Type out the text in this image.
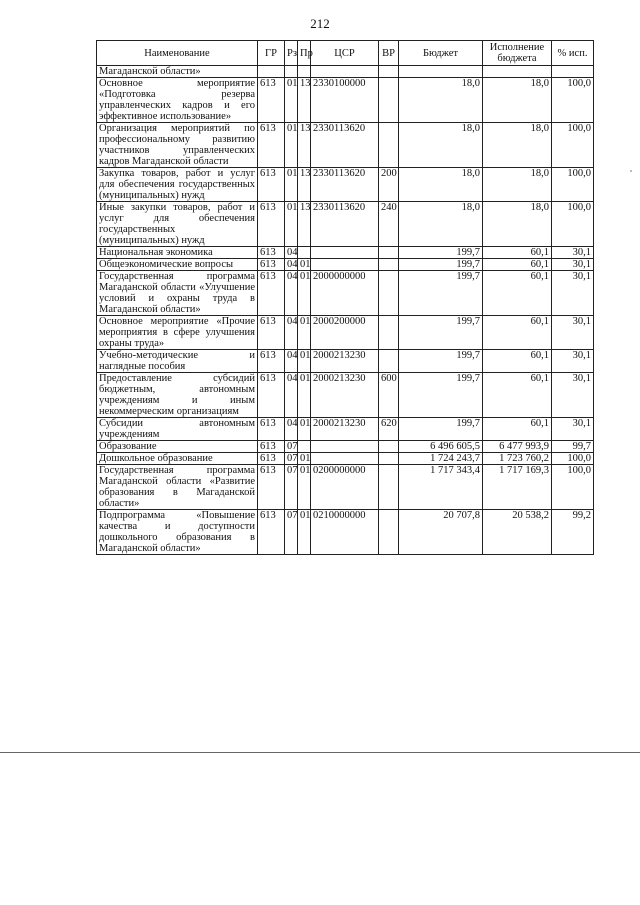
212
Наименование	ГР	Рз	Пр	ЦСР	ВР	Бюджет	Исполнение бюджета	% исп.
Магаданской области»								
Основное мероприятие «Подготовка резерва управленческих кадров и его эффективное использование»	613	01	13	2330100000		18,0	18,0	100,0
Организация мероприятий по профессиональному развитию участников управленческих кадров Магаданской области	613	01	13	2330113620		18,0	18,0	100,0
Закупка товаров, работ и услуг для обеспечения государственных (муниципальных) нужд	613	01	13	2330113620	200	18,0	18,0	100,0
Иные закупки товаров, работ и услуг для обеспечения государственных (муниципальных) нужд	613	01	13	2330113620	240	18,0	18,0	100,0
Национальная экономика	613	04				199,7	60,1	30,1
Общеэкономические вопросы	613	04	01			199,7	60,1	30,1
Государственная программа Магаданской области «Улучшение условий и охраны труда в Магаданской области»	613	04	01	2000000000		199,7	60,1	30,1
Основное мероприятие «Прочие мероприятия в сфере улучшения охраны труда»	613	04	01	2000200000		199,7	60,1	30,1
Учебно-методические и наглядные пособия	613	04	01	2000213230		199,7	60,1	30,1
Предоставление субсидий бюджетным, автономным учреждениям и иным некоммерческим организациям	613	04	01	2000213230	600	199,7	60,1	30,1
Субсидии автономным учреждениям	613	04	01	2000213230	620	199,7	60,1	30,1
Образование	613	07				6 496 605,5	6 477 993,9	99,7
Дошкольное образование	613	07	01			1 724 243,7	1 723 760,2	100,0
Государственная программа Магаданской области «Развитие образования в Магаданской области»	613	07	01	0200000000		1 717 343,4	1 717 169,3	100,0
Подпрограмма «Повышение качества и доступности дошкольного образования в Магаданской области»	613	07	01	0210000000		20 707,8	20 538,2	99,2
